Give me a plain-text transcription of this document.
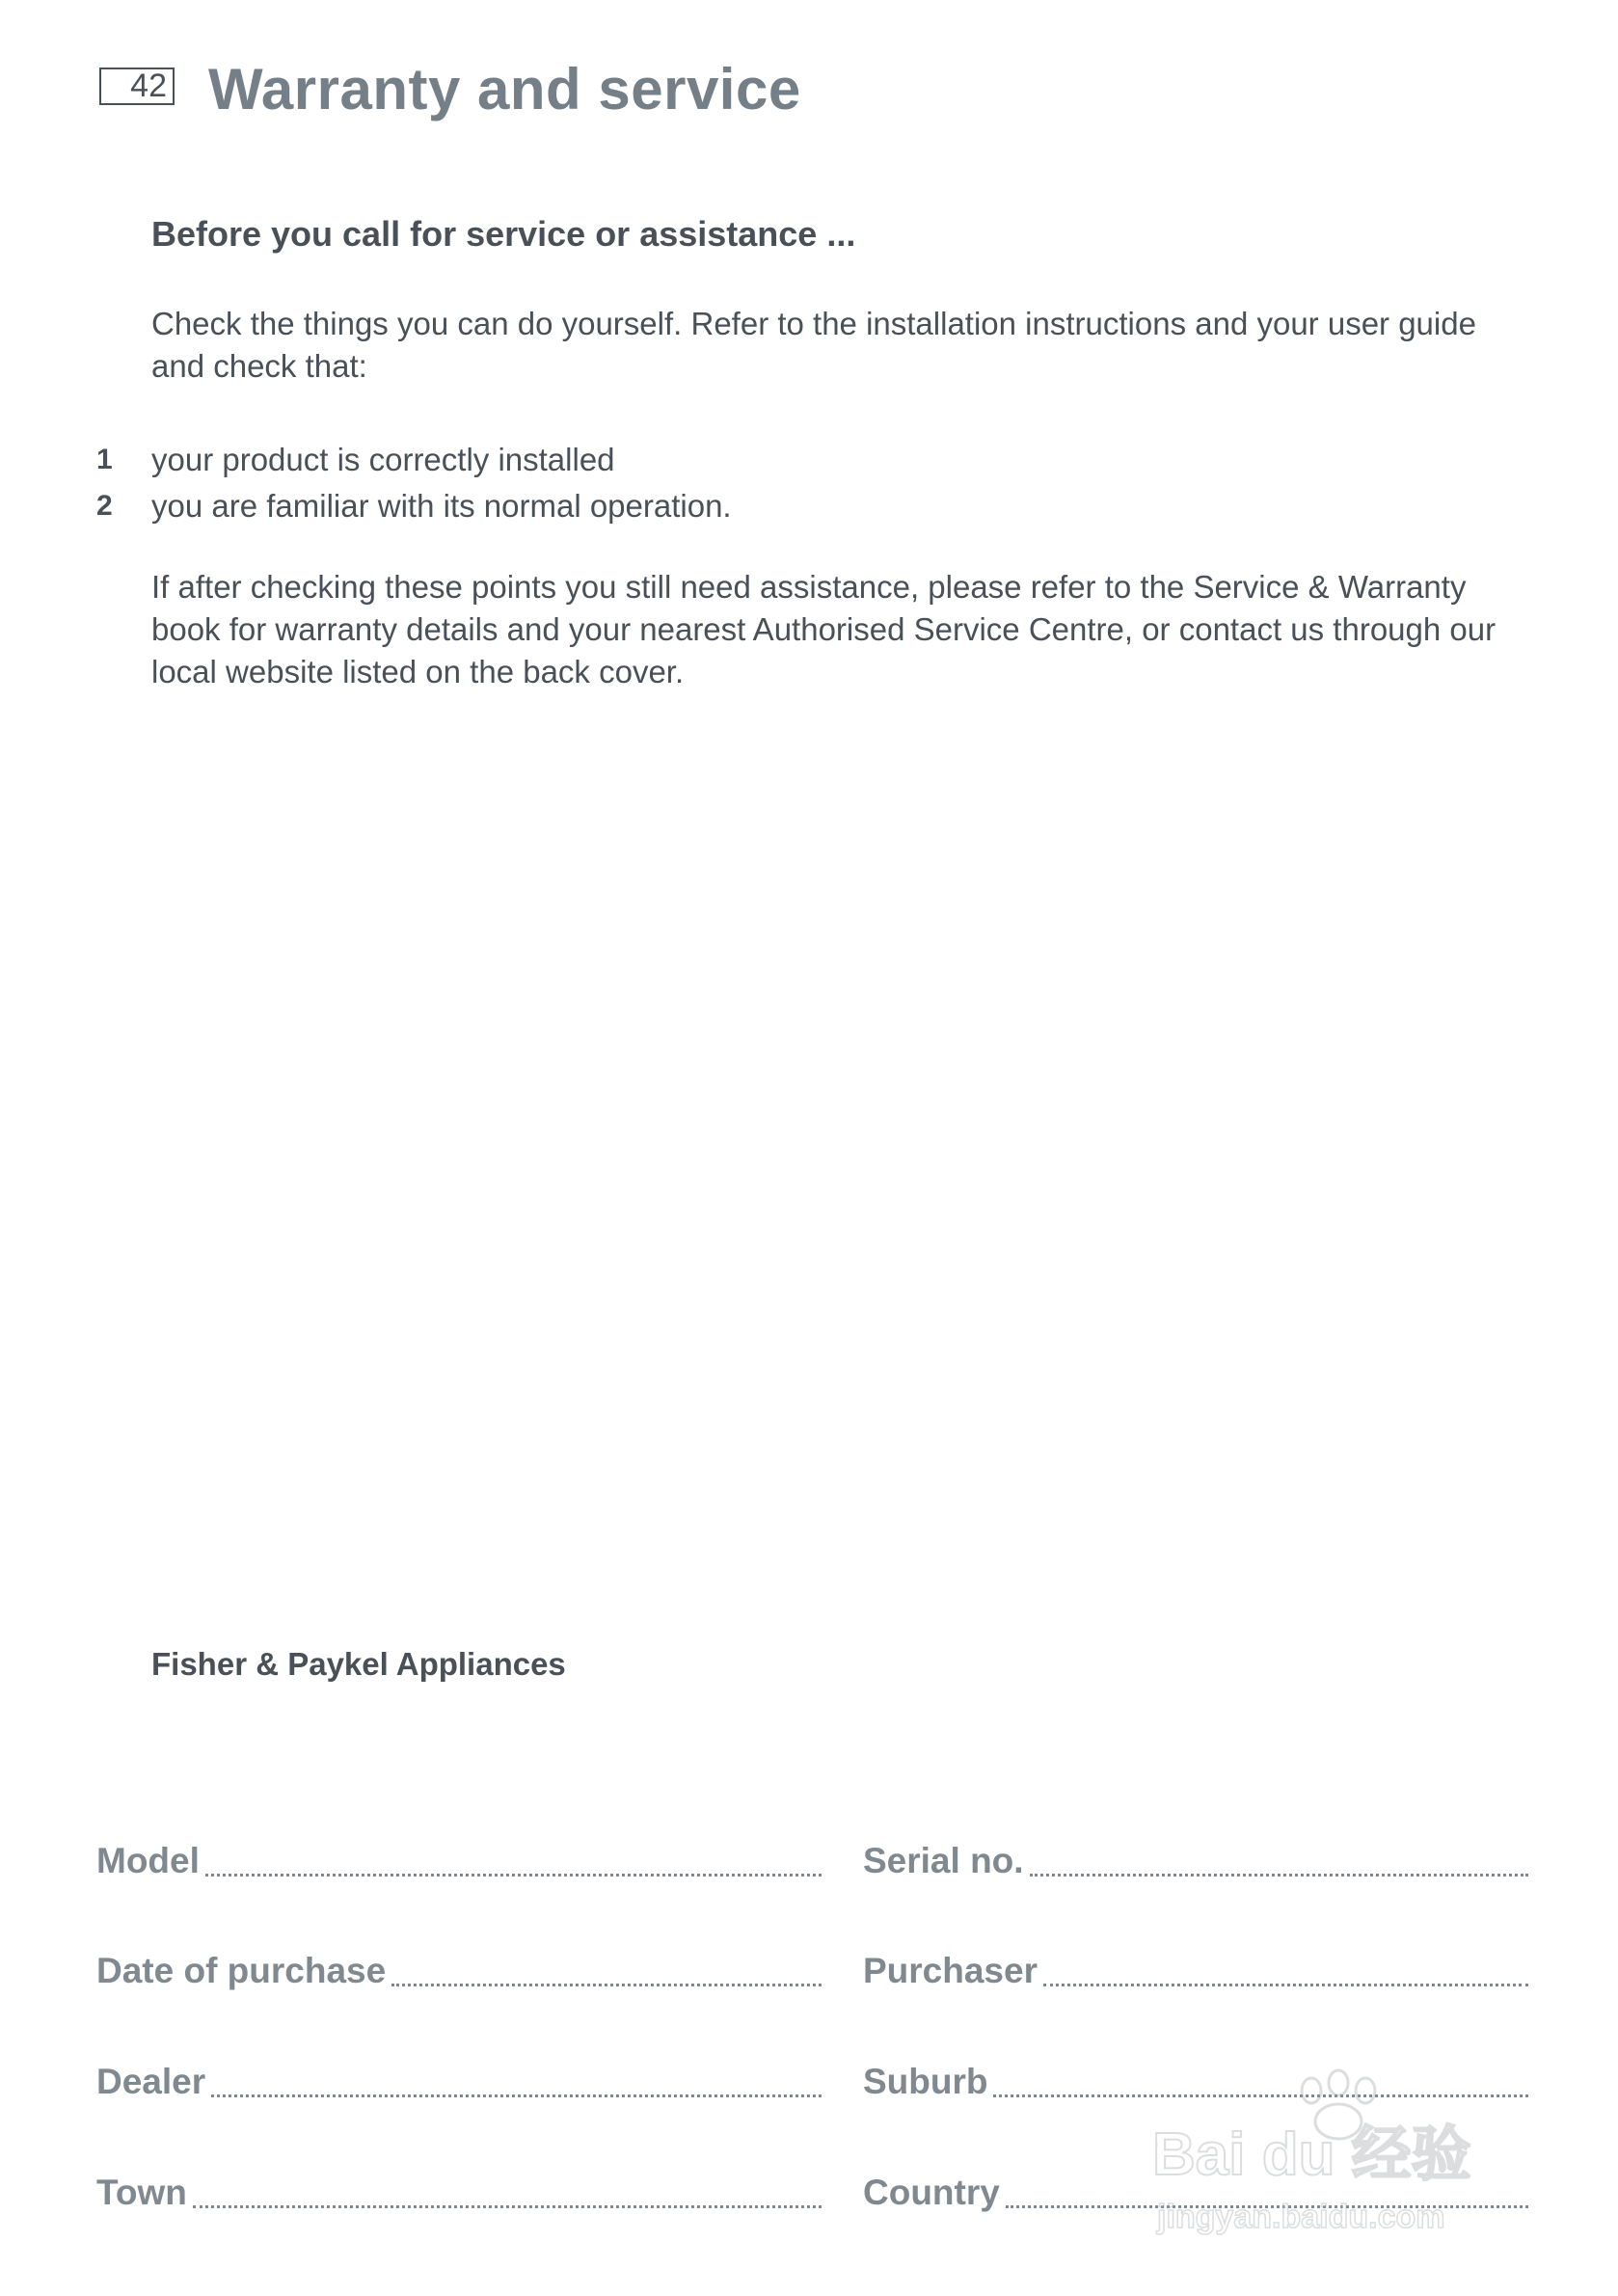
42 Warranty and service
Before you call for service or assistance ...
Check the things you can do yourself. Refer to the installation instructions and your user guide and check that:
1 your product is correctly installed
2 you are familiar with its normal operation.
If after checking these points you still need assistance, please refer to the Service & Warranty book for warranty details and your nearest Authorised Service Centre, or contact us through our local website listed on the back cover.
Fisher & Paykel Appliances
Model	Serial no.
Date of purchase	Purchaser
Dealer	Suburb
Town	Country
Bai du 经验
jingyan.baidu.com
